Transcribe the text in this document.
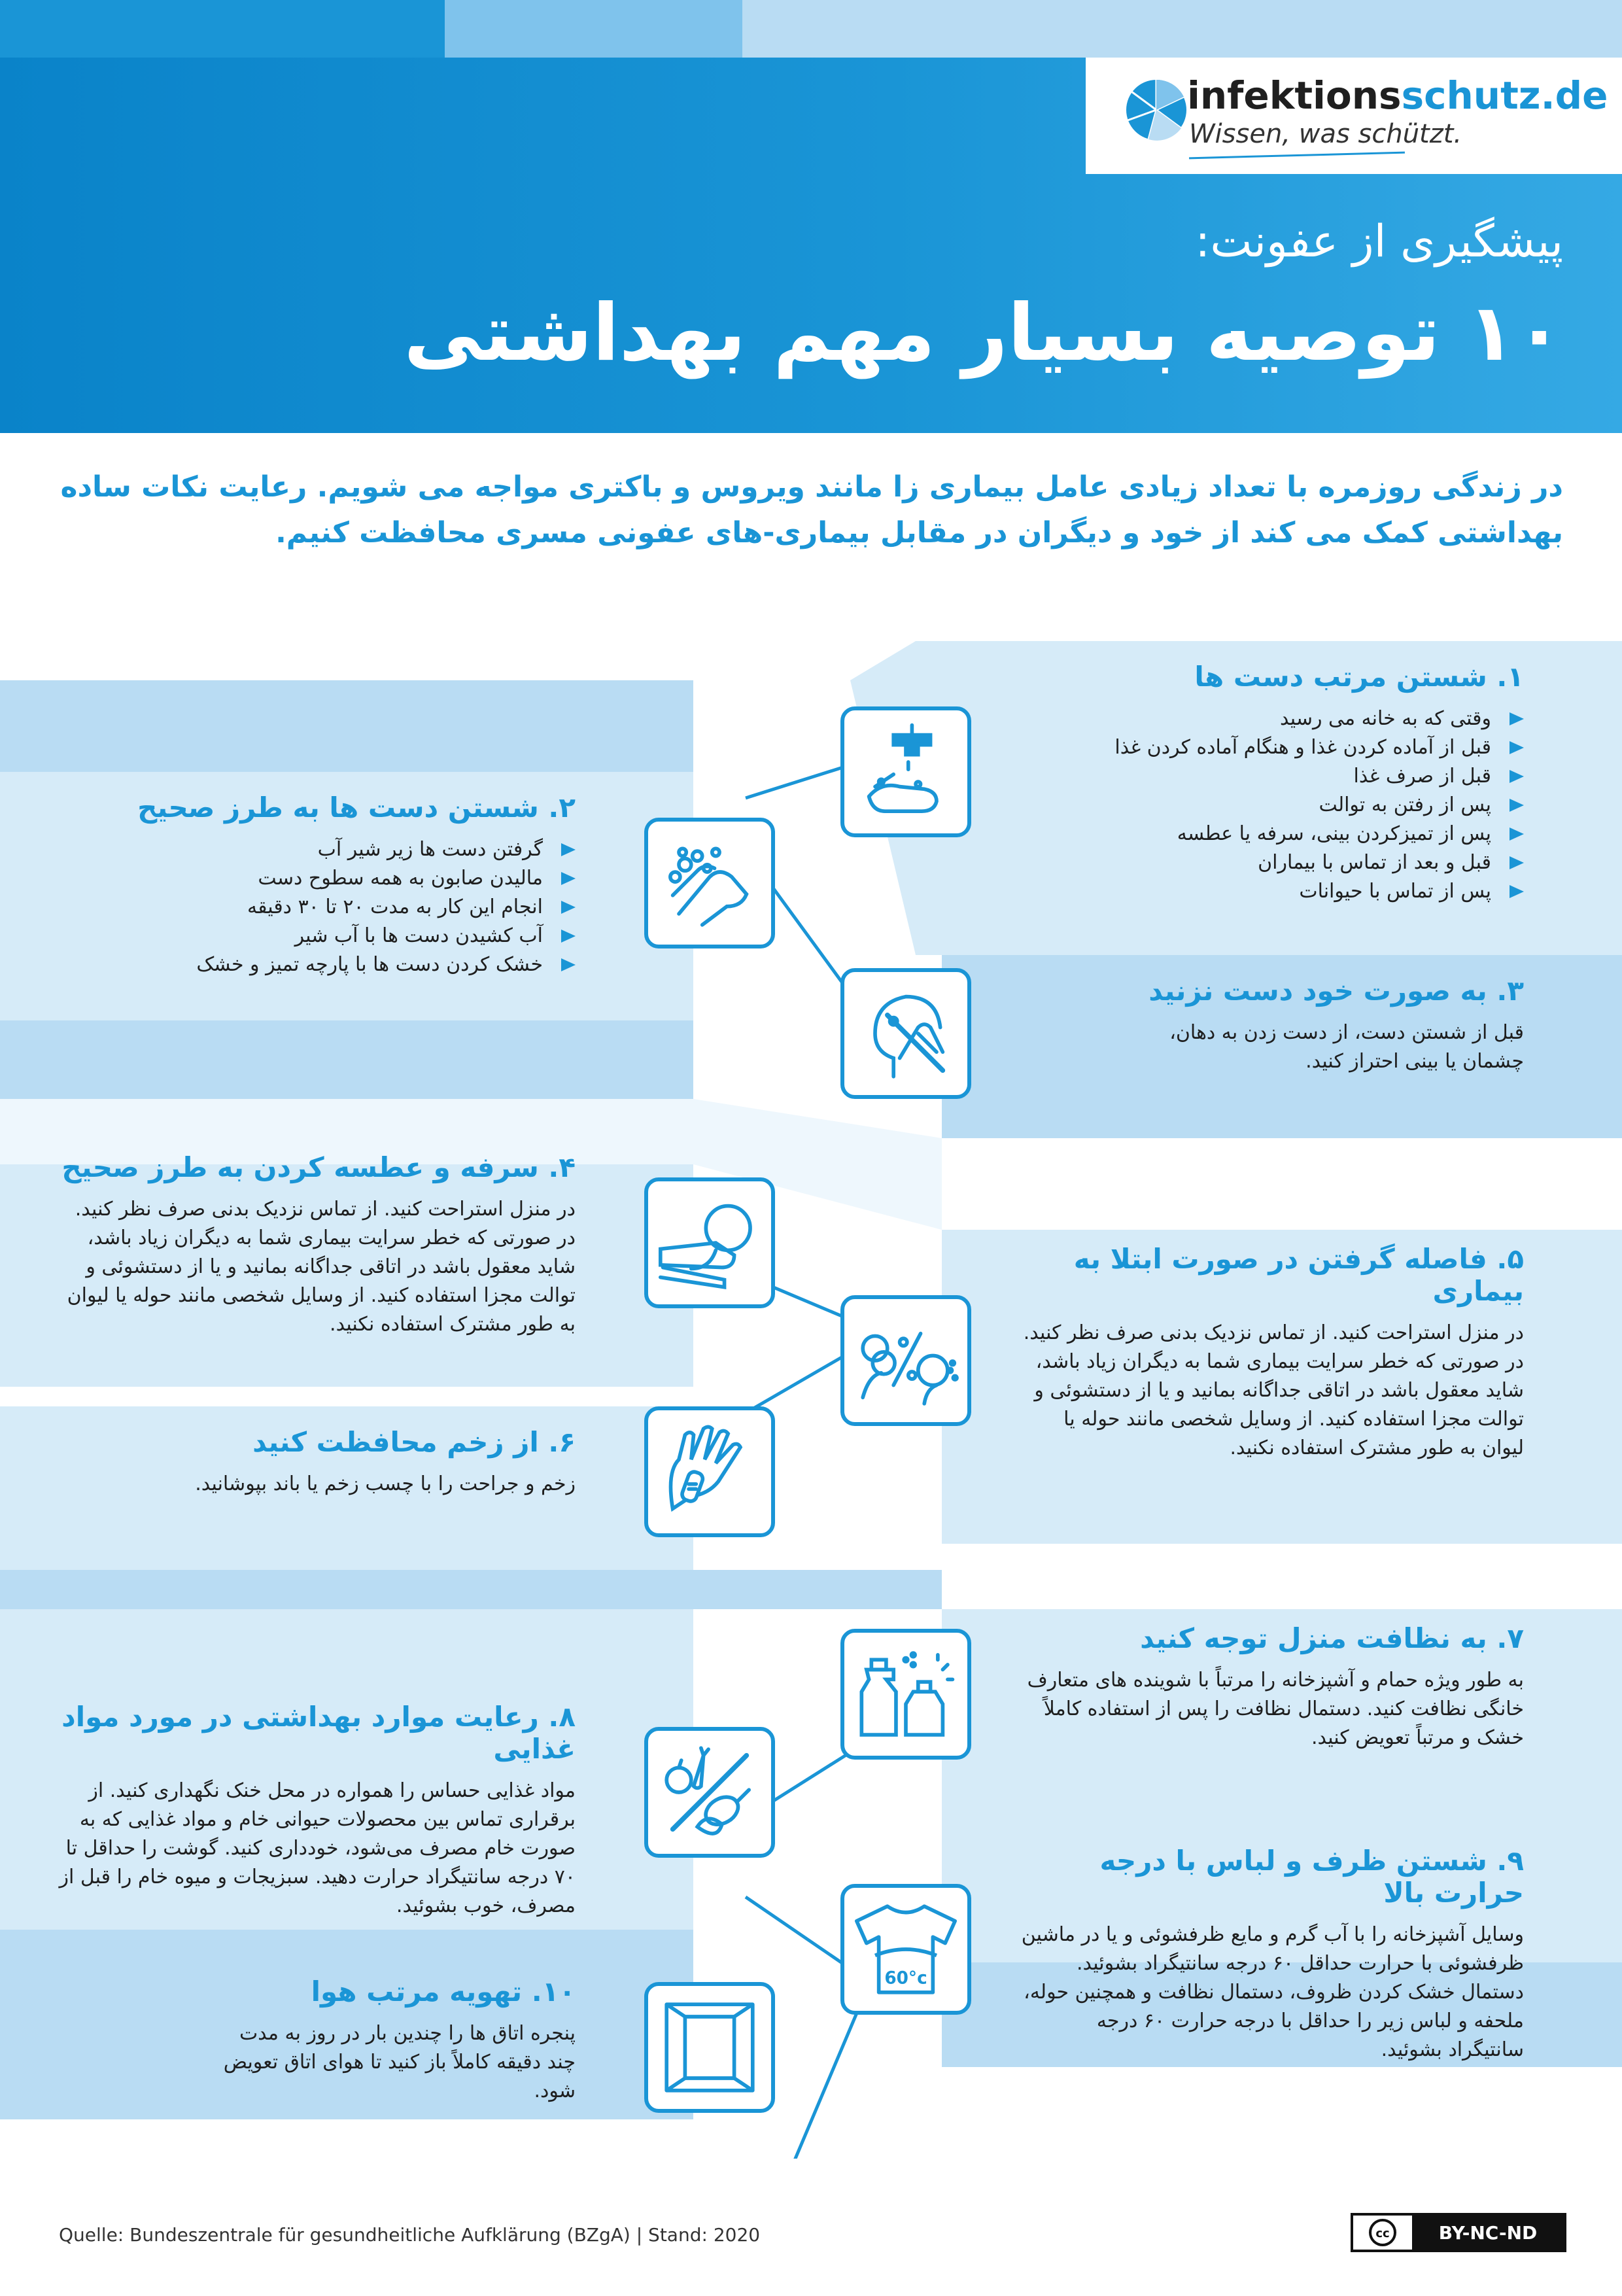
infektionsschutz.de
Wissen, was schützt.
پیشگیری از عفونت:
۱۰ توصیه بسیار مهم بهداشتی
در زندگی روزمره با تعداد زیادی عامل بیماری زا مانند ویروس و باکتری مواجه می شویم. رعایت نکات ساده بهداشتی کمک می کند از خود و دیگران در مقابل بیماری-های عفونی مسری محافظت کنیم.
60°c
۱. شستن مرتب دست ها
وقتی که به خانه می رسید
قبل از آماده کردن غذا و هنگام آماده کردن غذا
قبل از صرف غذا
پس از رفتن به توالت
پس از تمیزکردن بینی، سرفه یا عطسه
قبل و بعد از تماس با بیماران
پس از تماس با حیوانات
۲. شستن دست ها به طرز صحیح
گرفتن دست ها زیر شیر آب
مالیدن صابون به همه سطوح دست
انجام این کار به مدت ۲۰ تا ۳۰ دقیقه
آب کشیدن دست ها با آب شیر
خشک کردن دست ها با پارچه تمیز و خشک
۳. به صورت خود دست نزنید

قبل از شستن دست، از دست زدن به دهان، چشمان یا بینی احتراز کنید.

۴. سرفه و عطسه کردن به طرز صحیح

در منزل استراحت کنید. از تماس نزدیک بدنی صرف نظر کنید. در صورتی که خطر سرایت بیماری شما به دیگران زیاد باشد، شاید معقول باشد در اتاقی جداگانه بمانید و یا از دستشوئی و توالت مجزا استفاده کنید. از وسایل شخصی مانند حوله یا لیوان به طور مشترک استفاده نکنید.

۵. فاصله گرفتن در صورت ابتلا به بیماری

در منزل استراحت کنید. از تماس نزدیک بدنی صرف نظر کنید. در صورتی که خطر سرایت بیماری شما به دیگران زیاد باشد، شاید معقول باشد در اتاقی جداگانه بمانید و یا از دستشوئی و توالت مجزا استفاده کنید. از وسایل شخصی مانند حوله یا لیوان به طور مشترک استفاده نکنید.

۶. از زخم محافظت کنید

زخم و جراحت را با چسب زخم یا باند بپوشانید.

۷. به نظافت منزل توجه کنید

به طور ویژه حمام و آشپزخانه را مرتباً با شوینده های متعارف خانگی نظافت کنید. دستمال نظافت را پس از استفاده کاملاً خشک و مرتباً تعویض کنید.

۸. رعایت موارد بهداشتی در مورد مواد غذایی

مواد غذایی حساس را همواره در محل خنک نگهداری کنید. از برقراری تماس بین محصولات حیوانی خام و مواد غذایی که به صورت خام مصرف می‌شود، خودداری کنید. گوشت را حداقل تا ۷۰ درجه سانتیگراد حرارت دهید. سبزیجات و میوه خام را قبل از مصرف، خوب بشوئید.

۹. شستن ظرف و لباس با درجه حرارت بالا

وسایل آشپزخانه را با آب گرم و مایع ظرفشوئی و یا در ماشین ظرفشوئی با حرارت حداقل ۶۰ درجه سانتیگراد بشوئید. دستمال خشک کردن ظروف، دستمال نظافت و همچنین حوله، ملحفه و لباس زیر را حداقل با درجه حرارت ۶۰ درجه سانتیگراد بشوئید.

۱۰. تهویه مرتب هوا

پنجره اتاق ها را چندین بار در روز به مدت چند دقیقه کاملاً باز کنید تا هوای اتاق تعویض شود.

Quelle: Bundeszentrale für gesundheitliche Aufklärung (BZgA) | Stand: 2020	cc	BY-NC-ND
